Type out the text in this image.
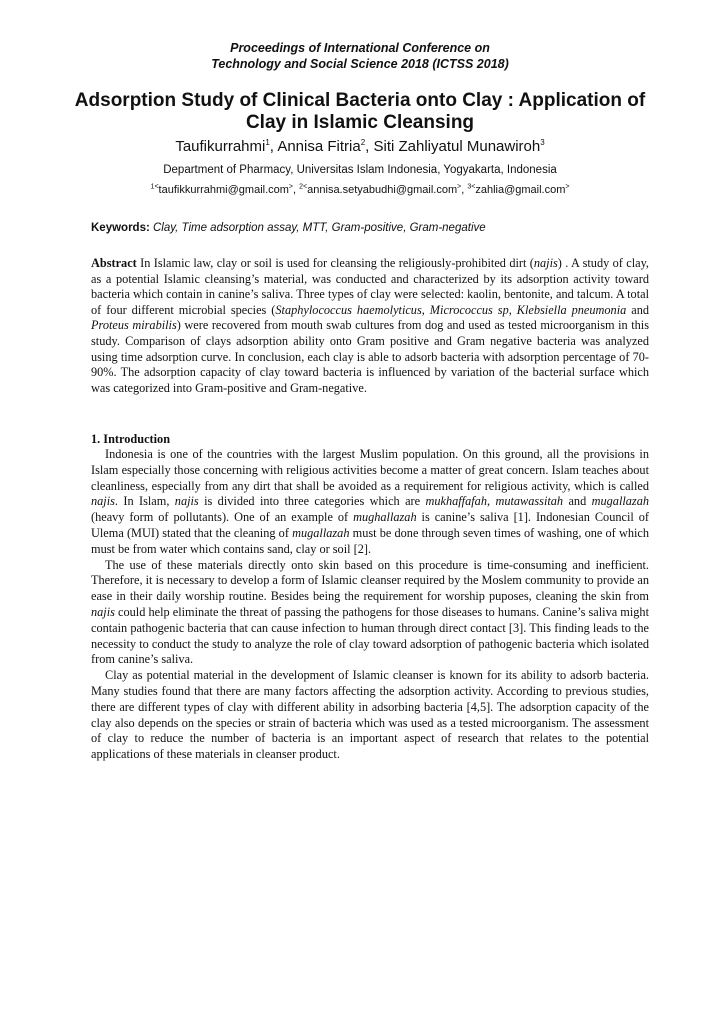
Proceedings of International Conference on
Technology and Social Science 2018 (ICTSS 2018)
Adsorption Study of Clinical Bacteria onto Clay : Application of
Clay in Islamic Cleansing
Taufikurrahmi$^1$, Annisa Fitria$^2$, Siti Zahliyatul Munawiroh$^3$
Department of Pharmacy, Universitas Islam Indonesia, Yogyakarta, Indonesia
$^{1<}$taufikkurrahmi@gmail.com>, $^{2<}$annisa.setyabudhi@gmail.com>, $^{3<}$zahlia@gmail.com>
Keywords: Clay, Time adsorption assay, MTT, Gram-positive, Gram-negative
Abstract In Islamic law, clay or soil is used for cleansing the religiously-prohibited dirt (najis) . A study of clay, as a potential Islamic cleansing’s material, was conducted and characterized by its adsorption activity toward bacteria which contain in canine’s saliva. Three types of clay were selected: kaolin, bentonite, and talcum. A total of four different microbial species (Staphylococcus haemolyticus, Micrococcus sp, Klebsiella pneumonia and Proteus mirabilis) were recovered from mouth swab cultures from dog and used as tested microorganism in this study. Comparison of clays adsorption ability onto Gram positive and Gram negative bacteria was analyzed using time adsorption curve. In conclusion, each clay is able to adsorb bacteria with adsorption percentage of 70-90%. The adsorption capacity of clay toward bacteria is influenced by variation of the bacterial surface which was categorized into Gram-positive and Gram-negative.
1. Introduction

Indonesia is one of the countries with the largest Muslim population. On this ground, all the provisions in Islam especially those concerning with religious activities become a matter of great concern. Islam teaches about cleanliness, especially from any dirt that shall be avoided as a requirement for religious activity, which is called najis. In Islam, najis is divided into three categories which are mukhaffafah, mutawassitah and mugallazah (heavy form of pollutants). One of an example of mughallazah is canine’s saliva [1]. Indonesian Council of Ulema (MUI) stated that the cleaning of mugallazah must be done through seven times of washing, one of which must be from water which contains sand, clay or soil [2].

The use of these materials directly onto skin based on this procedure is time-consuming and inefficient. Therefore, it is necessary to develop a form of Islamic cleanser required by the Moslem community to provide an ease in their daily worship routine. Besides being the requirement for worship puposes, cleaning the skin from najis could help eliminate the threat of passing the pathogens for those diseases to humans. Canine’s saliva might contain pathogenic bacteria that can cause infection to human through direct contact [3]. This finding leads to the necessity to conduct the study to analyze the role of clay toward adsorption of pathogenic bacteria which isolated from canine’s saliva.

Clay as potential material in the development of Islamic cleanser is known for its ability to adsorb bacteria. Many studies found that there are many factors affecting the adsorption activity. According to previous studies, there are different types of clay with different ability in adsorbing bacteria [4,5]. The adsorption capacity of the clay also depends on the species or strain of bacteria which was used as a tested microorganism. The assessment of clay to reduce the number of bacteria is an important aspect of research that relates to the potential applications of these materials in cleanser product.
